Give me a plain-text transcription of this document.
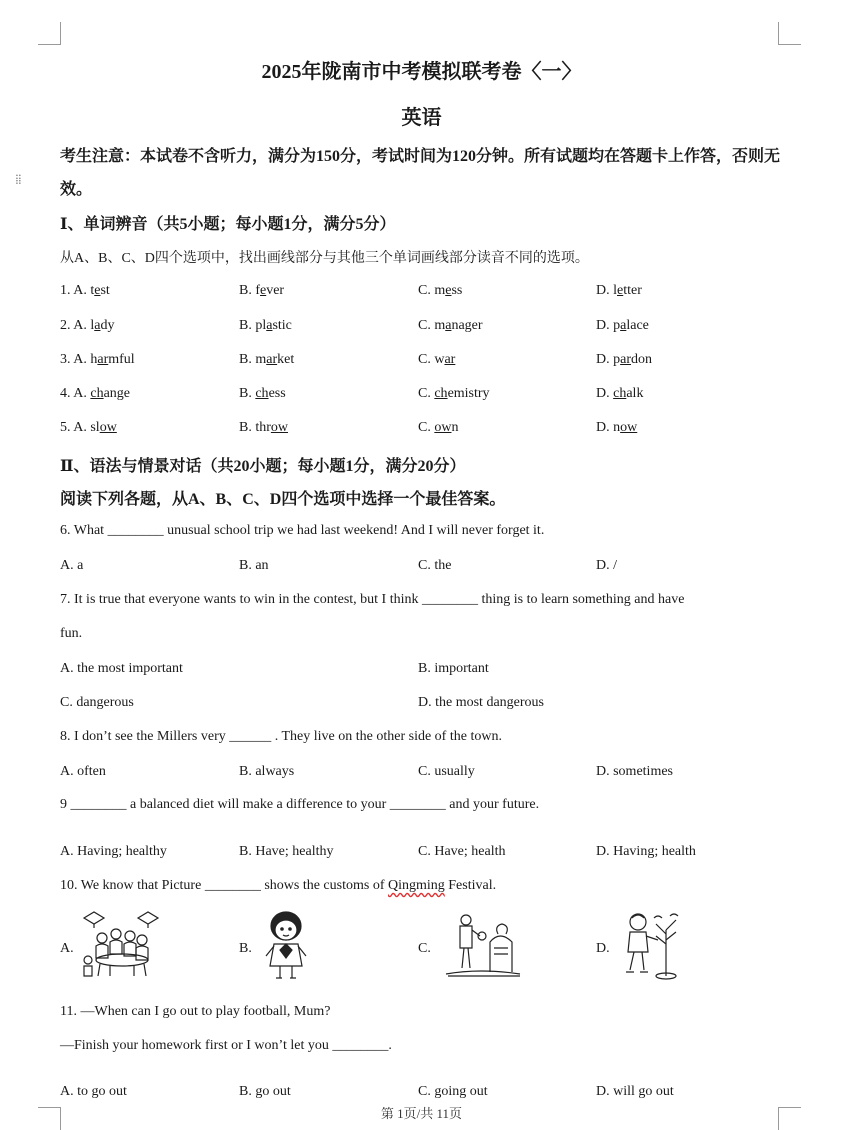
⁞⁞
2025年陇南市中考模拟联考卷〈一〉
英语
考生注意：本试卷不含听力，满分为150分，考试时间为120分钟。所有试题均在答题卡上作答，否则无效。
Ⅰ、单词辨音（共5小题；每小题1分，满分5分）
从A、B、C、D四个选项中，找出画线部分与其他三个单词画线部分读音不同的选项。
1. A. test	B. fever	C. mess	D. letter
2. A. lady	B. plastic	C. manager	D. palace
3. A. harmful	B. market	C. war	D. pardon
4. A. change	B. chess	C. chemistry	D. chalk
5. A. slow	B. throw	C. own	D. now
Ⅱ、语法与情景对话（共20小题；每小题1分，满分20分）
阅读下列各题，从A、B、C、D四个选项中选择一个最佳答案。
6. What ________ unusual school trip we had last weekend! And I will never forget it.
A. a	B. an	C. the	D. /
7. It is true that everyone wants to win in the contest, but I think ________ thing is to learn something and have
fun.
A. the most important	B. important
C. dangerous	D. the most dangerous
8. I don’t see the Millers very ______ . They live on the other side of the town.
A. often	B. always	C. usually	D. sometimes
9 ________ a balanced diet will make a difference to your ________ and your future.
A. Having; healthy	B. Have; healthy	C. Have; health	D. Having; health
10. We know that Picture ________ shows the customs of Qingming Festival.
A.	B.	C.	D.
11. —When can I go out to play football, Mum?
—Finish your homework first or I won’t let you ________.
A. to go out	B. go out	C. going out	D. will go out
第 1页/共 11页
